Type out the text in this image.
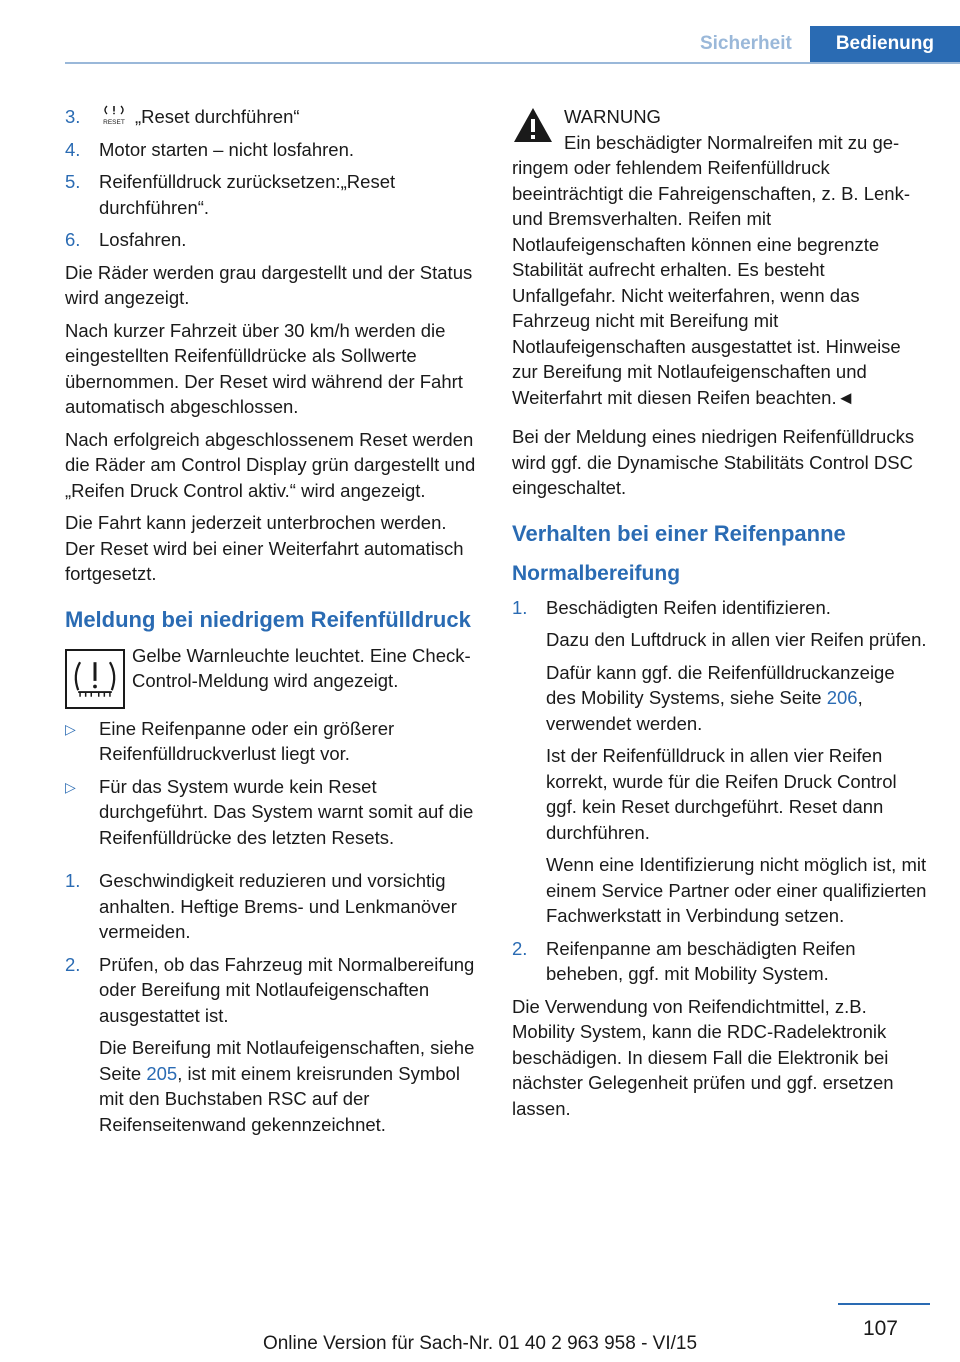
Sicherheit	Bedienung
3.	RESET „Reset durchführen“
4.	Motor starten – nicht losfahren.
5.	Reifenfülldruck zurücksetzen:„Reset durchführen“.
6.	Losfahren.

Die Räder werden grau dargestellt und der Status wird angezeigt.

Nach kurzer Fahrzeit über 30 km/h werden die eingestellten Reifenfülldrücke als Sollwerte übernommen. Der Reset wird während der Fahrt automatisch abgeschlossen.

Nach erfolgreich abgeschlossenem Reset werden die Räder am Control Display grün dargestellt und „Reifen Druck Control aktiv.“ wird angezeigt.

Die Fahrt kann jederzeit unterbrochen werden. Der Reset wird bei einer Weiterfahrt automatisch fortgesetzt.

Meldung bei niedrigem Reifenfülldruck
Gelbe Warnleuchte leuchtet. Eine Check-Control-Meldung wird angezeigt.
▷	Eine Reifenpanne oder ein größerer Reifenfülldruckverlust liegt vor.
▷	Für das System wurde kein Reset durchgeführt. Das System warnt somit auf die Reifenfülldrücke des letzten Resets.
1.	Geschwindigkeit reduzieren und vorsichtig anhalten. Heftige Brems- und Lenkmanöver vermeiden.
2.	Prüfen, ob das Fahrzeug mit Normalbereifung oder Bereifung mit Notlaufeigenschaften ausgestattet ist.
Die Bereifung mit Notlaufeigenschaften, siehe Seite 205, ist mit einem kreisrunden Symbol mit den Buchstaben RSC auf der Reifenseitenwand gekennzeichnet.
WARNUNG
Ein beschädigter Normalreifen mit zu ge-

ringem oder fehlendem Reifenfülldruck beeinträchtigt die Fahreigenschaften, z. B. Lenk- und Bremsverhalten. Reifen mit Notlaufeigenschaften können eine begrenzte Stabilität aufrecht erhalten. Es besteht Unfallgefahr. Nicht weiterfahren, wenn das Fahrzeug nicht mit Bereifung mit Notlaufeigenschaften ausgestattet ist. Hinweise zur Bereifung mit Notlaufeigenschaften und Weiterfahrt mit diesen Reifen beachten.◄

Bei der Meldung eines niedrigen Reifenfülldrucks wird ggf. die Dynamische Stabilitäts Control DSC eingeschaltet.

Verhalten bei einer Reifenpanne
Normalbereifung
1.	Beschädigten Reifen identifizieren.
Dazu den Luftdruck in allen vier Reifen prüfen.
Dafür kann ggf. die Reifenfülldruckanzeige des Mobility Systems, siehe Seite 206, verwendet werden.
Ist der Reifenfülldruck in allen vier Reifen korrekt, wurde für die Reifen Druck Control ggf. kein Reset durchgeführt. Reset dann durchführen.
Wenn eine Identifizierung nicht möglich ist, mit einem Service Partner oder einer qualifizierten Fachwerkstatt in Verbindung setzen.
2.	Reifenpanne am beschädigten Reifen beheben, ggf. mit Mobility System.

Die Verwendung von Reifendichtmittel, z.B. Mobility System, kann die RDC-Radelektronik beschädigen. In diesem Fall die Elektronik bei nächster Gelegenheit prüfen und ggf. ersetzen lassen.

107
Online Version für Sach-Nr. 01 40 2 963 958 - VI/15
